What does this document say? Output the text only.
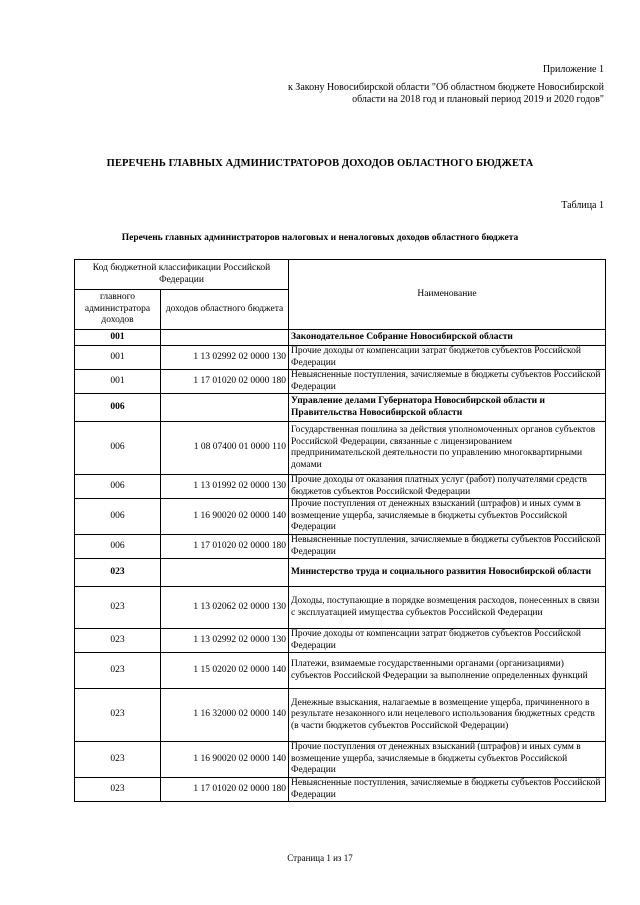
Приложение 1
к Закону Новосибирской области "Об областном бюджете Новосибирской области на 2018 год и плановый период 2019 и 2020 годов"
ПЕРЕЧЕНЬ ГЛАВНЫХ АДМИНИСТРАТОРОВ ДОХОДОВ ОБЛАСТНОГО БЮДЖЕТА
Таблица 1
Перечень главных администраторов налоговых и неналоговых доходов областного бюджета
Код бюджетной классификации Российской Федерации		Наименование
главного администратора доходов	доходов областного бюджета	
001		Законодательное Собрание Новосибирской области
001	1 13 02992 02 0000 130	Прочие доходы от компенсации затрат бюджетов субъектов Российской Федерации
001	1 17 01020 02 0000 180	Невыясненные поступления, зачисляемые в бюджеты субъектов Российской Федерации
006		Управление делами Губернатора Новосибирской области и Правительства Новосибирской области
006	1 08 07400 01 0000 110	Государственная пошлина за действия уполномоченных органов субъектов Российской Федерации, связанные с лицензированием предпринимательской деятельности по управлению многоквартирными домами
006	1 13 01992 02 0000 130	Прочие доходы от оказания платных услуг (работ) получателями средств бюджетов субъектов Российской Федерации
006	1 16 90020 02 0000 140	Прочие поступления от денежных взысканий (штрафов) и иных сумм в возмещение ущерба, зачисляемые в бюджеты субъектов Российской Федерации
006	1 17 01020 02 0000 180	Невыясненные поступления, зачисляемые в бюджеты субъектов Российской Федерации
023		Министерство труда и социального развития Новосибирской области
023	1 13 02062 02 0000 130	Доходы, поступающие в порядке возмещения расходов, понесенных в связи с эксплуатацией имущества субъектов Российской Федерации
023	1 13 02992 02 0000 130	Прочие доходы от компенсации затрат бюджетов субъектов Российской Федерации
023	1 15 02020 02 0000 140	Платежи, взимаемые государственными органами (организациями) субъектов Российской Федерации за выполнение определенных функций
023	1 16 32000 02 0000 140	Денежные взыскания, налагаемые в возмещение ущерба, причиненного в результате незаконного или нецелевого использования бюджетных средств (в части бюджетов субъектов Российской Федерации)
023	1 16 90020 02 0000 140	Прочие поступления от денежных взысканий (штрафов) и иных сумм в возмещение ущерба, зачисляемые в бюджеты субъектов Российской Федерации
023	1 17 01020 02 0000 180	Невыясненные поступления, зачисляемые в бюджеты субъектов Российской Федерации
Страница 1 из 17
